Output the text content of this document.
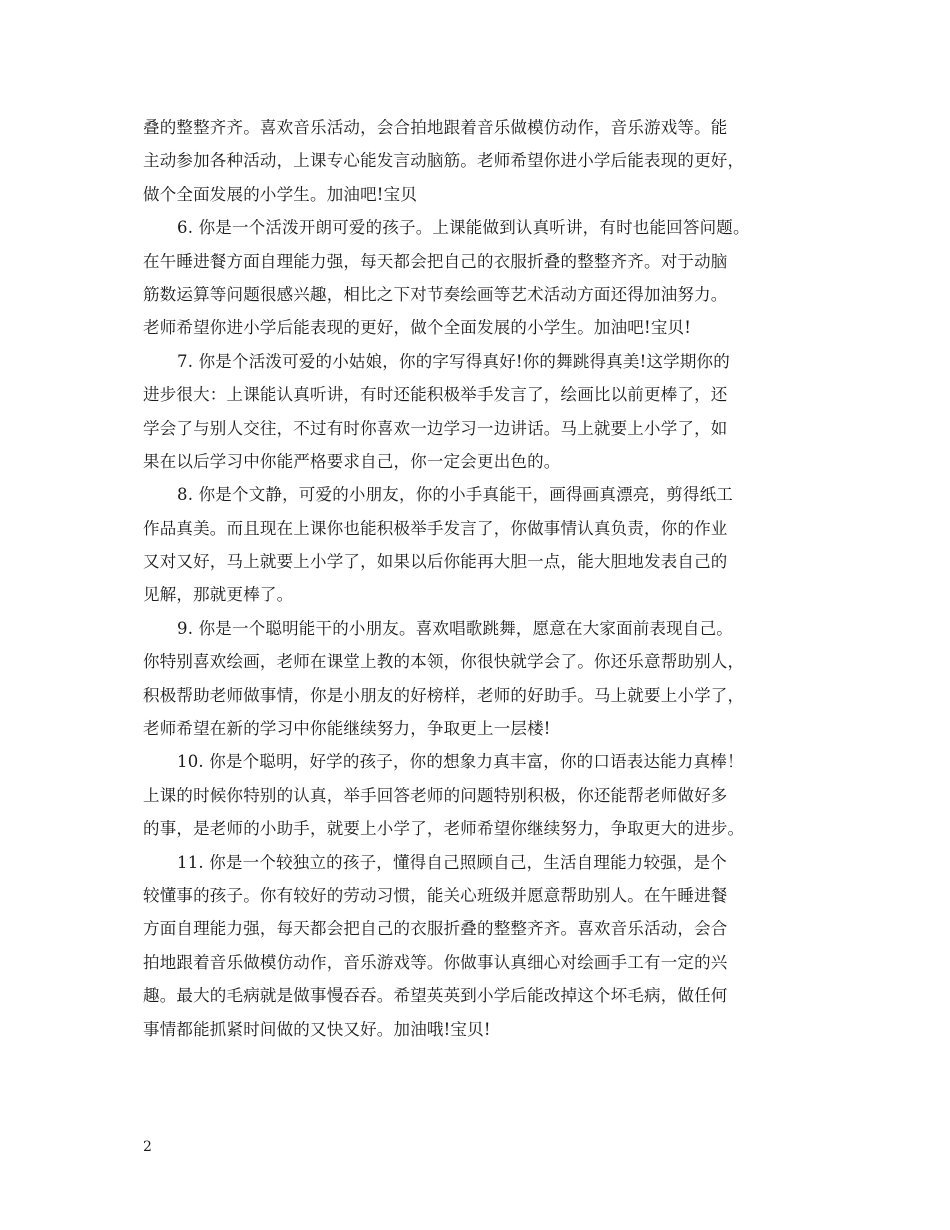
叠的整整齐齐。喜欢音乐活动，会合拍地跟着音乐做模仿动作，音乐游戏等。能
主动参加各种活动，上课专心能发言动脑筋。老师希望你进小学后能表现的更好，
做个全面发展的小学生。加油吧!宝贝
6. 你是一个活泼开朗可爱的孩子。上课能做到认真听讲，有时也能回答问题。
在午睡进餐方面自理能力强，每天都会把自己的衣服折叠的整整齐齐。对于动脑
筋数运算等问题很感兴趣，相比之下对节奏绘画等艺术活动方面还得加油努力。
老师希望你进小学后能表现的更好，做个全面发展的小学生。加油吧!宝贝!
7. 你是个活泼可爱的小姑娘，你的字写得真好!你的舞跳得真美!这学期你的
进步很大：上课能认真听讲，有时还能积极举手发言了，绘画比以前更棒了，还
学会了与别人交往，不过有时你喜欢一边学习一边讲话。马上就要上小学了，如
果在以后学习中你能严格要求自己，你一定会更出色的。
8. 你是个文静，可爱的小朋友，你的小手真能干，画得画真漂亮，剪得纸工
作品真美。而且现在上课你也能积极举手发言了，你做事情认真负责，你的作业
又对又好，马上就要上小学了，如果以后你能再大胆一点，能大胆地发表自己的
见解，那就更棒了。
9. 你是一个聪明能干的小朋友。喜欢唱歌跳舞，愿意在大家面前表现自己。
你特别喜欢绘画，老师在课堂上教的本领，你很快就学会了。你还乐意帮助别人，
积极帮助老师做事情，你是小朋友的好榜样，老师的好助手。马上就要上小学了，
老师希望在新的学习中你能继续努力，争取更上一层楼!
10. 你是个聪明，好学的孩子，你的想象力真丰富，你的口语表达能力真棒！
上课的时候你特别的认真，举手回答老师的问题特别积极，你还能帮老师做好多
的事，是老师的小助手，就要上小学了，老师希望你继续努力，争取更大的进步。
11. 你是一个较独立的孩子，懂得自己照顾自己，生活自理能力较强，是个
较懂事的孩子。你有较好的劳动习惯，能关心班级并愿意帮助别人。在午睡进餐
方面自理能力强，每天都会把自己的衣服折叠的整整齐齐。喜欢音乐活动，会合
拍地跟着音乐做模仿动作，音乐游戏等。你做事认真细心对绘画手工有一定的兴
趣。最大的毛病就是做事慢吞吞。希望英英到小学后能改掉这个坏毛病，做任何
事情都能抓紧时间做的又快又好。加油哦!宝贝!
2
